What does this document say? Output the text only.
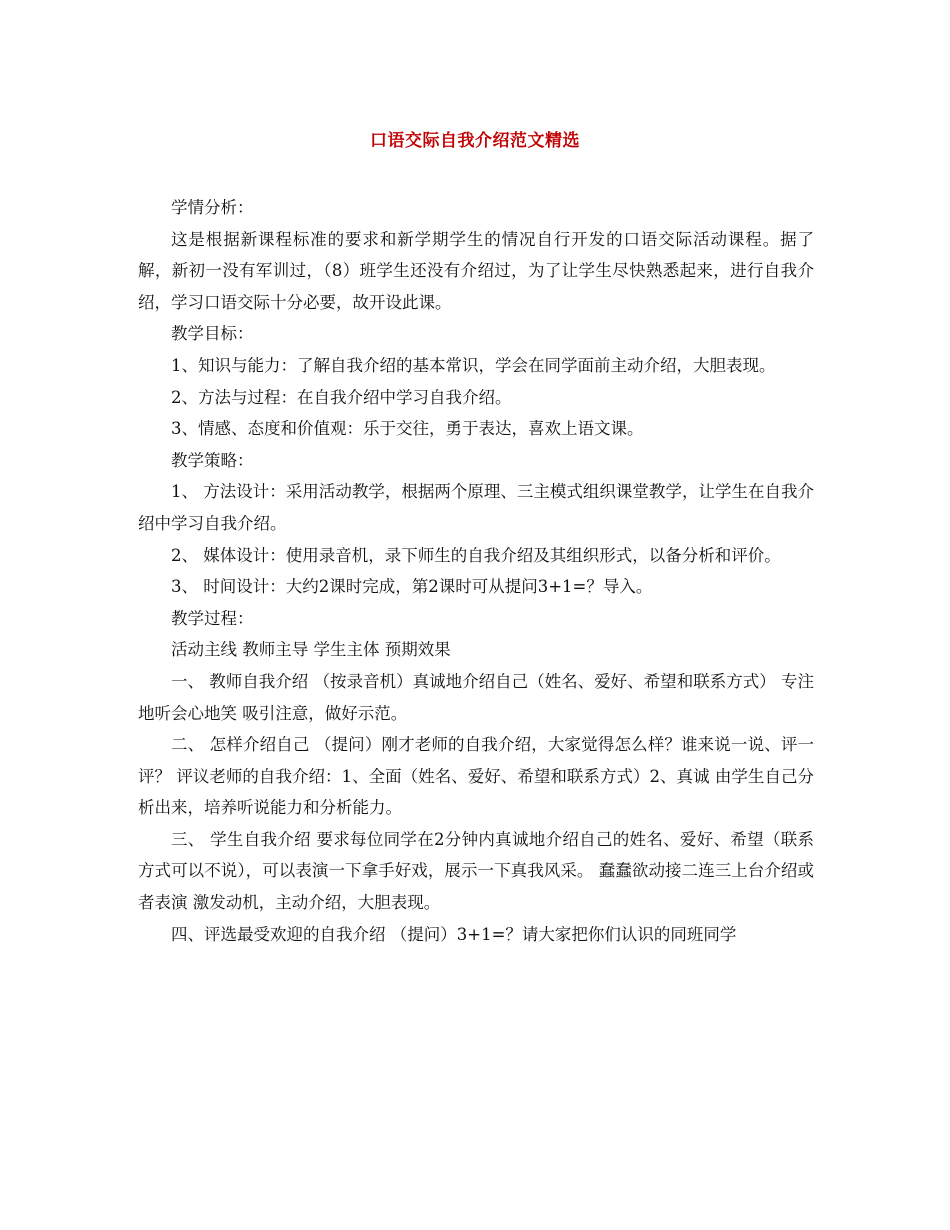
口语交际自我介绍范文精选

学情分析：

这是根据新课程标准的要求和新学期学生的情况自行开发的口语交际活动课程。据了解，新初一没有军训过，（8）班学生还没有介绍过，为了让学生尽快熟悉起来，进行自我介绍，学习口语交际十分必要，故开设此课。

教学目标：

1、知识与能力：了解自我介绍的基本常识，学会在同学面前主动介绍，大胆表现。

2、方法与过程：在自我介绍中学习自我介绍。

3、情感、态度和价值观：乐于交往，勇于表达，喜欢上语文课。

教学策略：

1、 方法设计：采用活动教学，根据两个原理、三主模式组织课堂教学，让学生在自我介绍中学习自我介绍。

2、 媒体设计：使用录音机，录下师生的自我介绍及其组织形式，以备分析和评价。

3、 时间设计：大约2课时完成，第2课时可从提问3+1=？导入。

教学过程：

活动主线 教师主导 学生主体 预期效果

一、 教师自我介绍 （按录音机）真诚地介绍自己（姓名、爱好、希望和联系方式） 专注地听会心地笑 吸引注意，做好示范。

二、 怎样介绍自己 （提问）刚才老师的自我介绍，大家觉得怎么样？谁来说一说、评一评？ 评议老师的自我介绍：1、全面（姓名、爱好、希望和联系方式）2、真诚 由学生自己分析出来，培养听说能力和分析能力。

三、 学生自我介绍 要求每位同学在2分钟内真诚地介绍自己的姓名、爱好、希望（联系方式可以不说），可以表演一下拿手好戏，展示一下真我风采。 蠢蠢欲动接二连三上台介绍或者表演 激发动机，主动介绍，大胆表现。

四、评选最受欢迎的自我介绍 （提问）3+1=？请大家把你们认识的同班同学
